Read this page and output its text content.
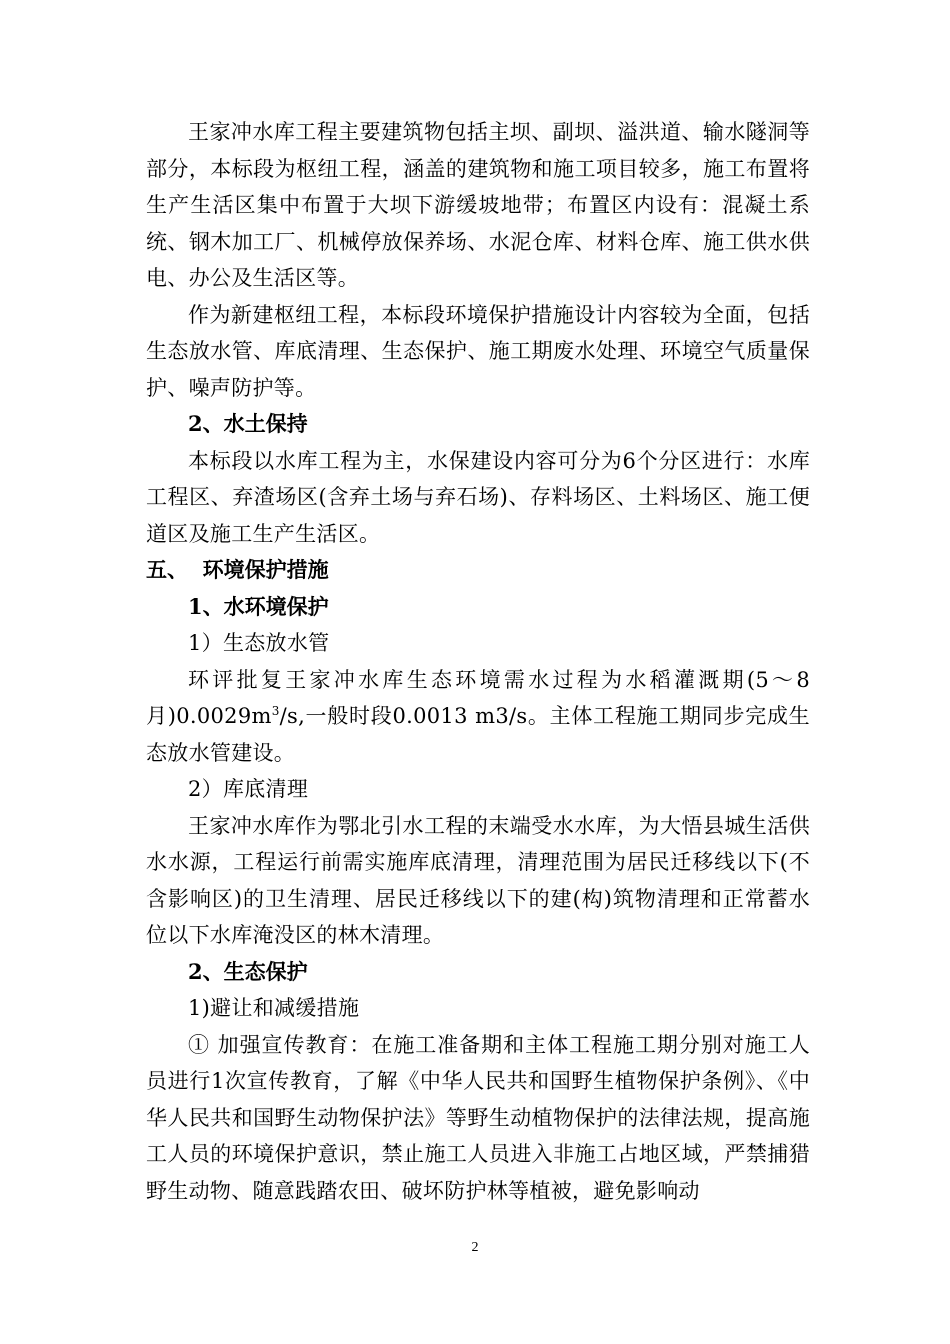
王家冲水库工程主要建筑物包括主坝、副坝、溢洪道、输水隧洞等部分，本标段为枢纽工程，涵盖的建筑物和施工项目较多，施工布置将生产生活区集中布置于大坝下游缓坡地带；布置区内设有：混凝土系统、钢木加工厂、机械停放保养场、水泥仓库、材料仓库、施工供水供电、办公及生活区等。

作为新建枢纽工程，本标段环境保护措施设计内容较为全面，包括生态放水管、库底清理、生态保护、施工期废水处理、环境空气质量保护、噪声防护等。

2、水土保持

本标段以水库工程为主，水保建设内容可分为6个分区进行：水库工程区、弃渣场区(含弃土场与弃石场)、存料场区、土料场区、施工便道区及施工生产生活区。

五、  环境保护措施

1、水环境保护

1）生态放水管

环评批复王家冲水库生态环境需水过程为水稻灌溉期(5～8月)$0.0029m^3/s$,一般时段0.0013 m3/s。主体工程施工期同步完成生态放水管建设。

2）库底清理

王家冲水库作为鄂北引水工程的末端受水水库，为大悟县城生活供水水源，工程运行前需实施库底清理，清理范围为居民迁移线以下(不含影响区)的卫生清理、居民迁移线以下的建(构)筑物清理和正常蓄水位以下水库淹没区的林木清理。

2、生态保护

1)避让和减缓措施

① 加强宣传教育：在施工准备期和主体工程施工期分别对施工人员进行1次宣传教育，了解《中华人民共和国野生植物保护条例》、《中华人民共和国野生动物保护法》等野生动植物保护的法律法规，提高施工人员的环境保护意识，禁止施工人员进入非施工占地区域，严禁捕猎野生动物、随意践踏农田、破坏防护林等植被，避免影响动

2
